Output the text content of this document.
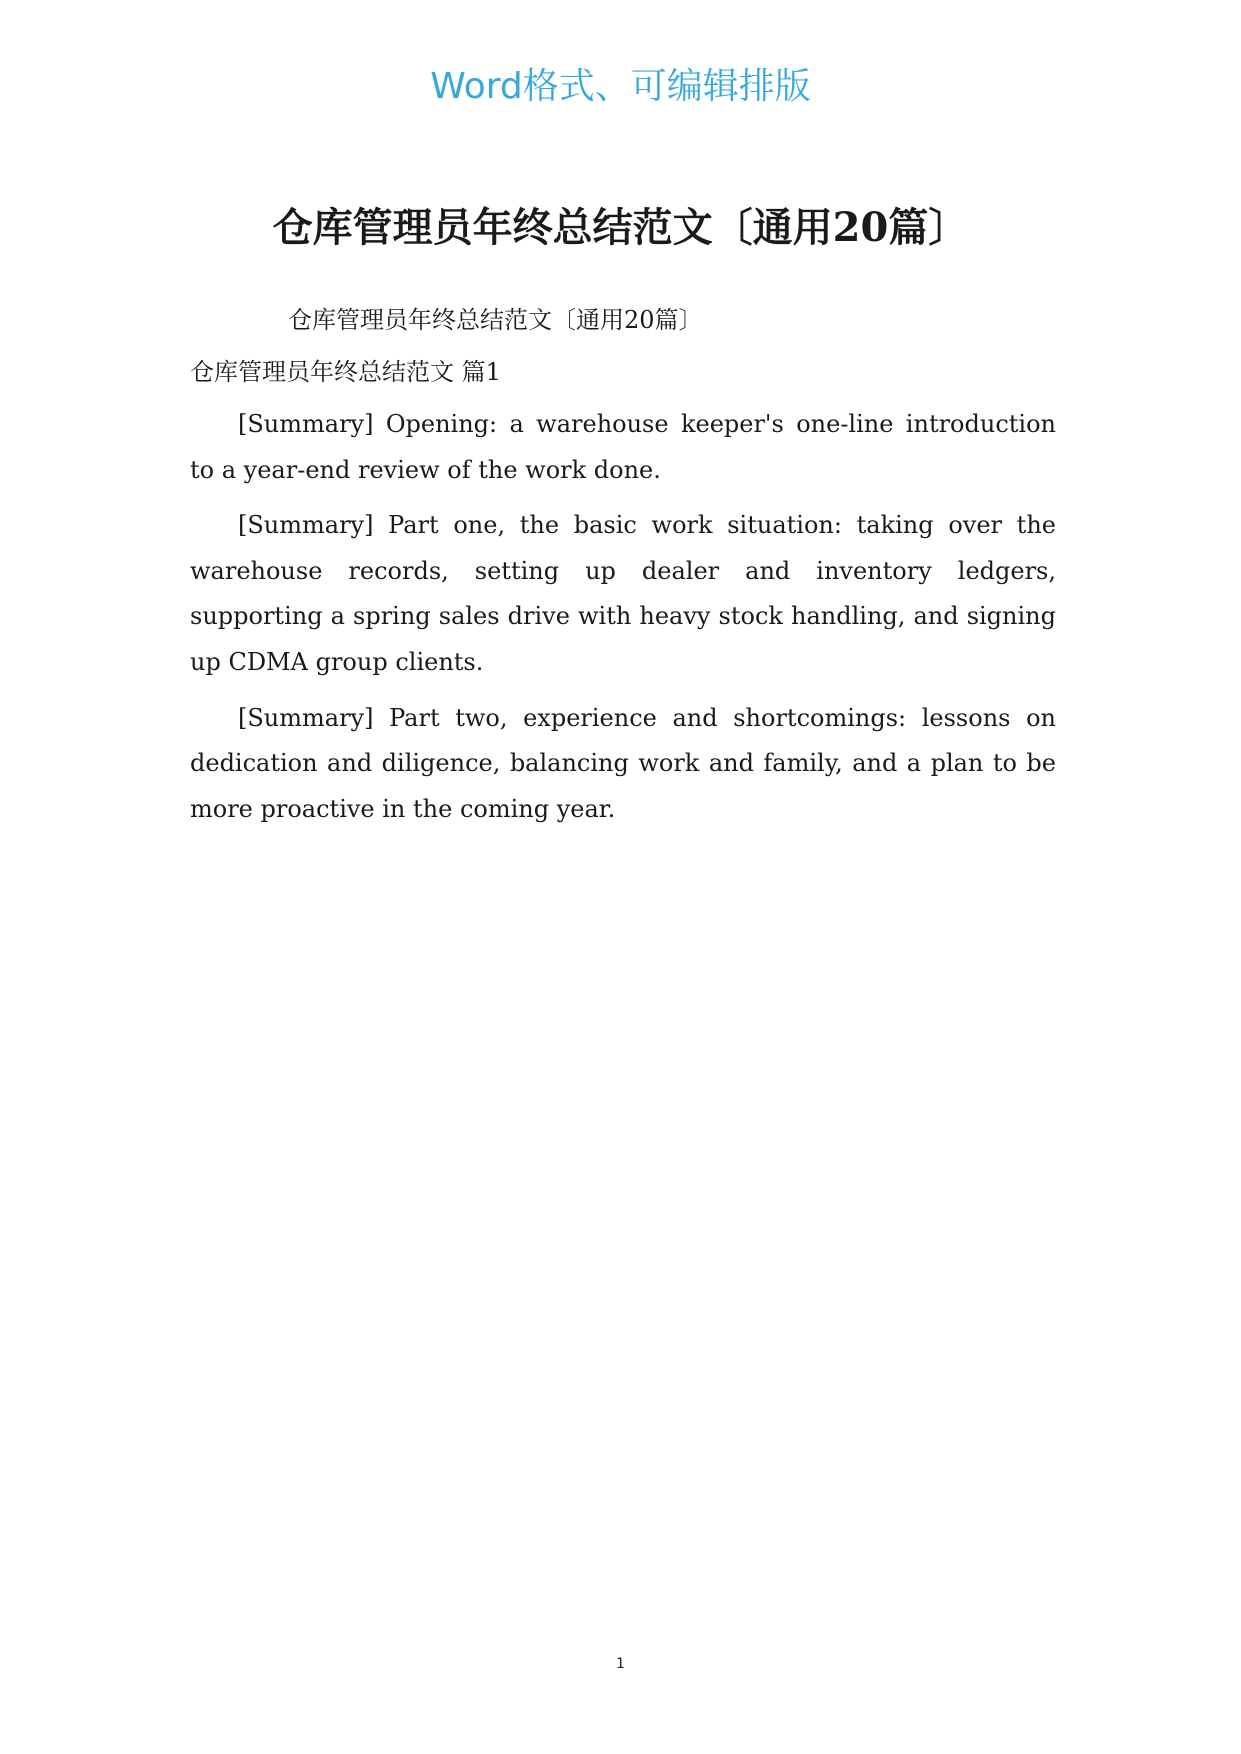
Word格式、可编辑排版
仓库管理员年终总结范文〔通用20篇〕
仓库管理员年终总结范文〔通用20篇〕
仓库管理员年终总结范文 篇1

[Summary] Opening: a warehouse keeper's one-line introduction to a year-end review of the work done.

[Summary] Part one, the basic work situation: taking over the warehouse records, setting up dealer and inventory ledgers, supporting a spring sales drive with heavy stock handling, and signing up CDMA group clients.

[Summary] Part two, experience and shortcomings: lessons on dedication and diligence, balancing work and family, and a plan to be more proactive in the coming year.

1
